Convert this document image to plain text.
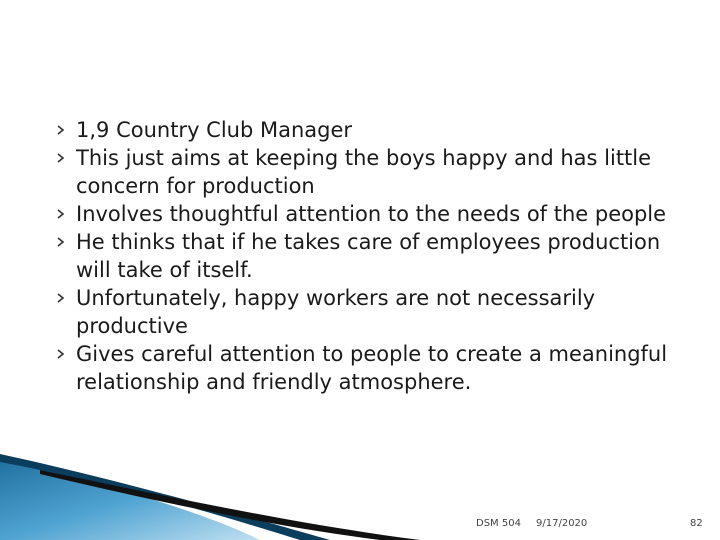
1,9 Country Club Manager
This just aims at keeping the boys happy and has little concern for production
Involves thoughtful attention to the needs of the people
He thinks that if he takes care of employees production will take of itself.
Unfortunately, happy workers are not necessarily productive
Gives careful attention to people to create a meaningful relationship and friendly atmosphere.
DSM 504 9/17/2020	82
